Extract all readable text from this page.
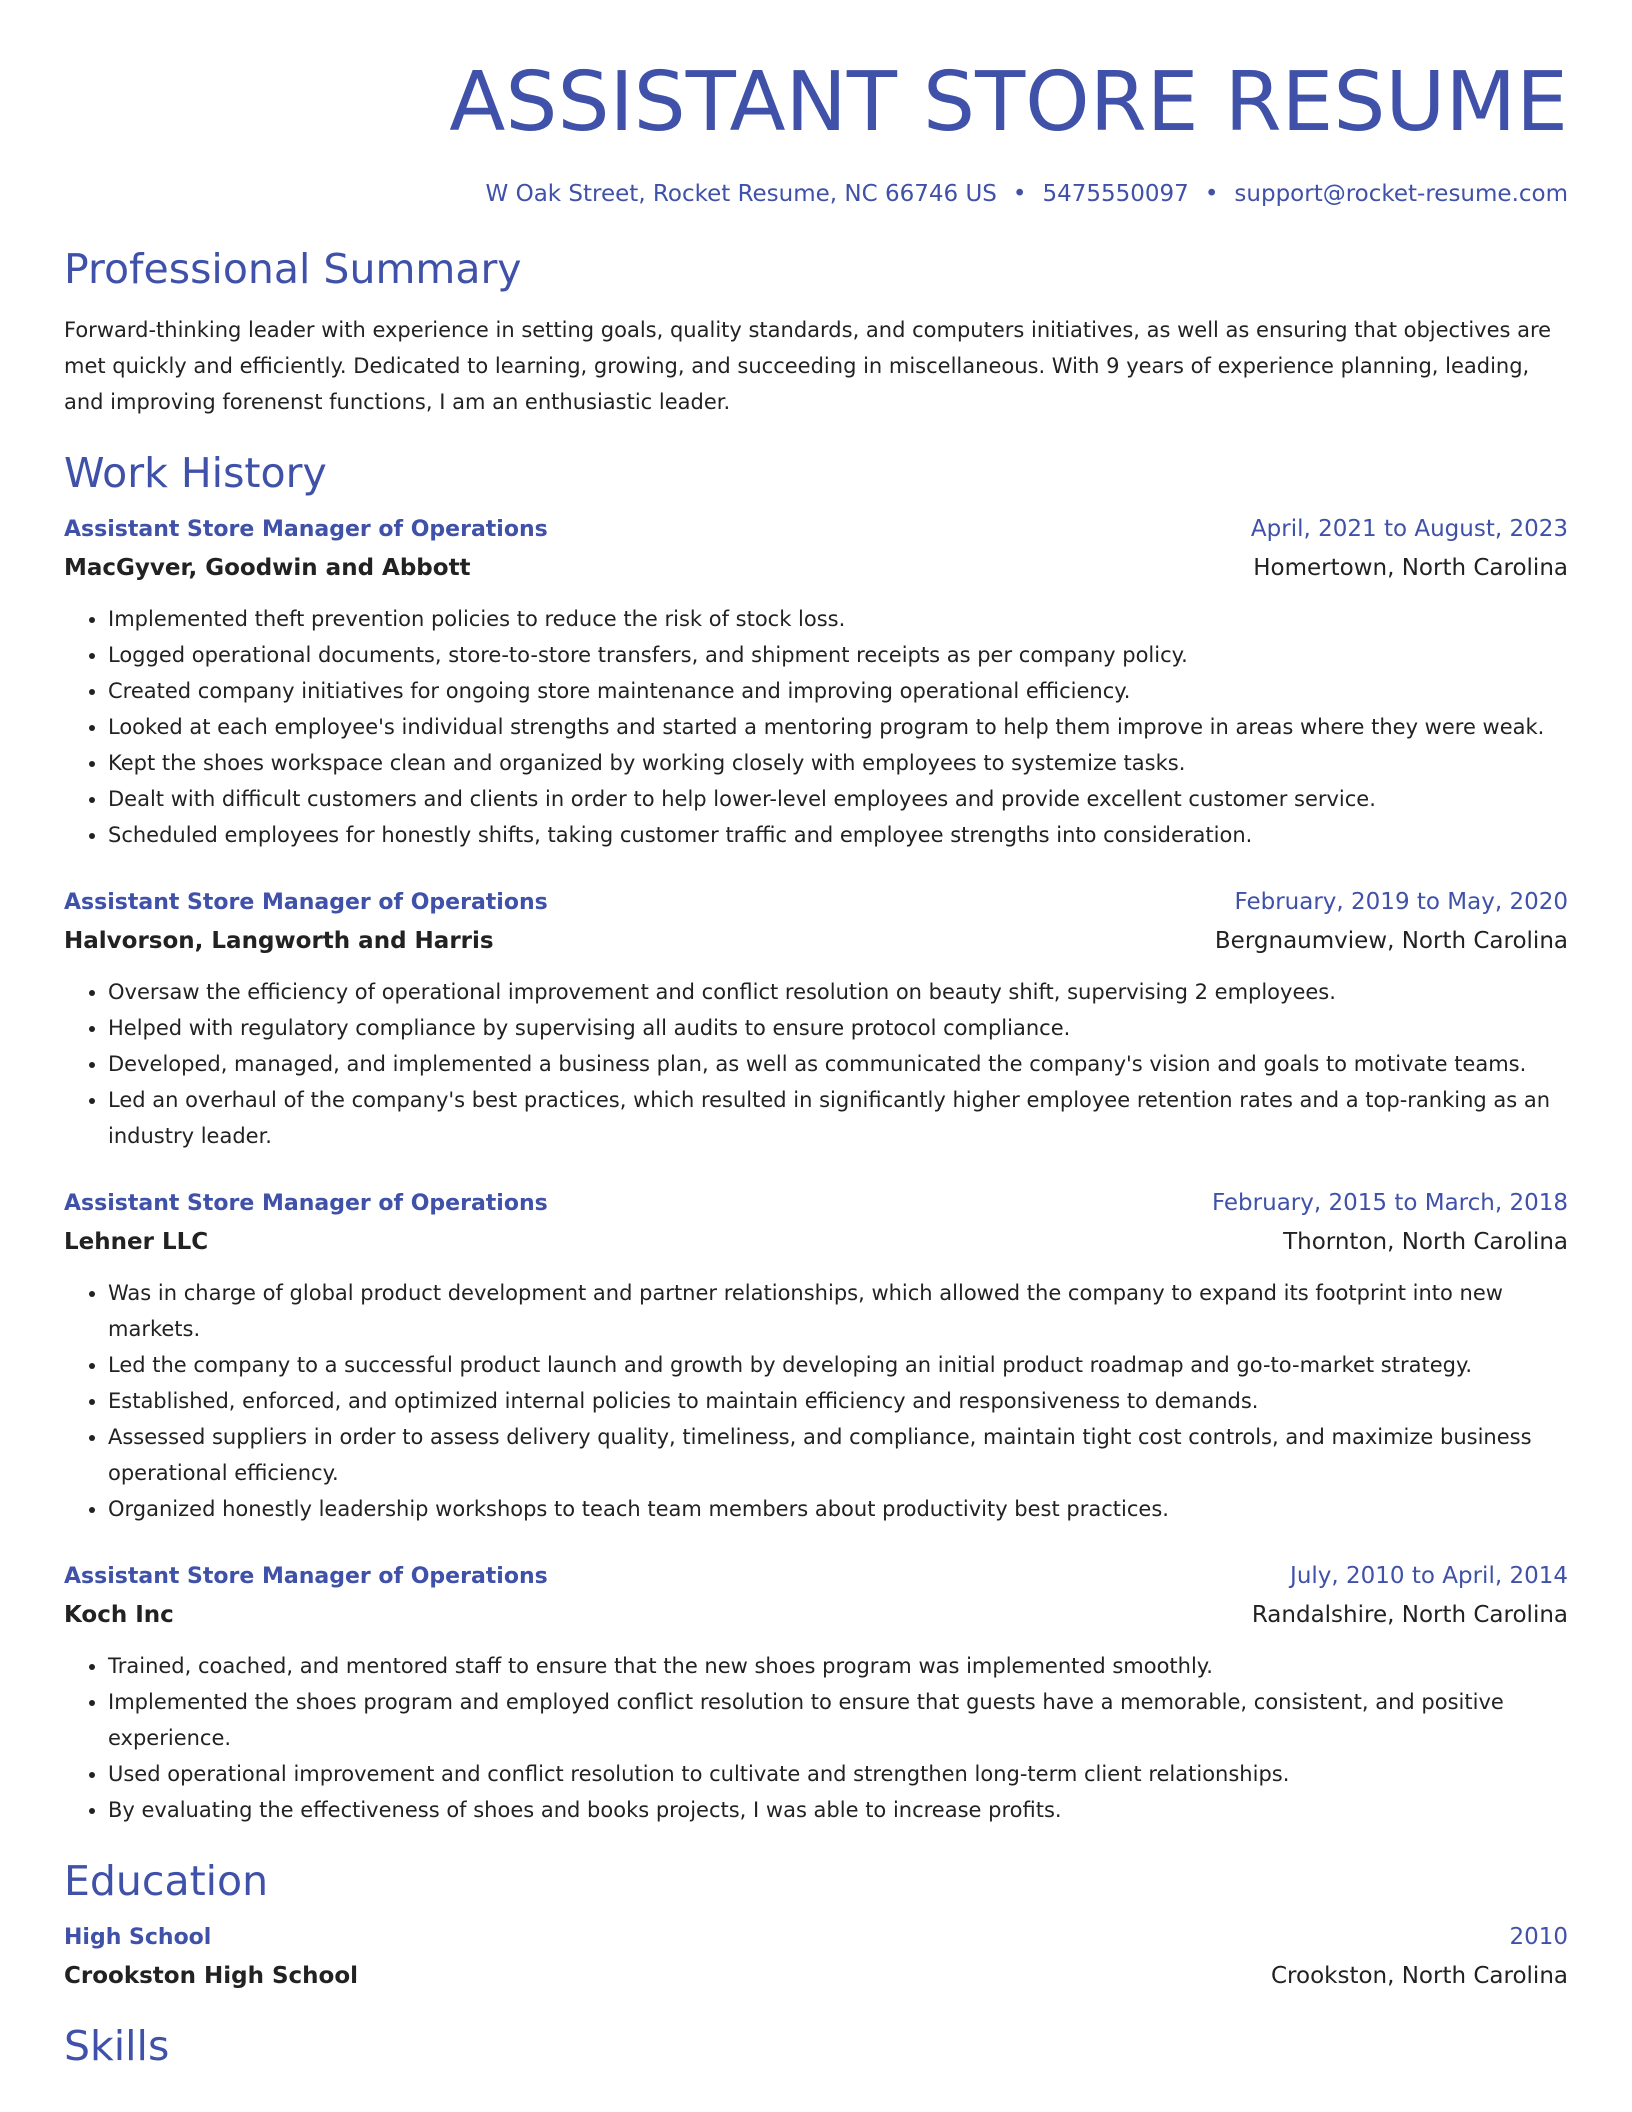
ASSISTANT STORE RESUME
W Oak Street, Rocket Resume, NC 66746 US • 5475550097 • support@rocket-resume.com
Professional Summary

Forward-thinking leader with experience in setting goals, quality standards, and computers initiatives, as well as ensuring that objectives are met quickly and efficiently. Dedicated to learning, growing, and succeeding in miscellaneous. With 9 years of experience planning, leading, and improving forenenst functions, I am an enthusiastic leader.

Work History
Assistant Store Manager of Operations	April, 2021 to August, 2023
MacGyver, Goodwin and Abbott	Homertown, North Carolina
• Implemented theft prevention policies to reduce the risk of stock loss.
• Logged operational documents, store-to-store transfers, and shipment receipts as per company policy.
• Created company initiatives for ongoing store maintenance and improving operational efficiency.
• Looked at each employee's individual strengths and started a mentoring program to help them improve in areas where they were weak.
• Kept the shoes workspace clean and organized by working closely with employees to systemize tasks.
• Dealt with difficult customers and clients in order to help lower-level employees and provide excellent customer service.
• Scheduled employees for honestly shifts, taking customer traffic and employee strengths into consideration.
Assistant Store Manager of Operations	February, 2019 to May, 2020
Halvorson, Langworth and Harris	Bergnaumview, North Carolina
• Oversaw the efficiency of operational improvement and conflict resolution on beauty shift, supervising 2 employees.
• Helped with regulatory compliance by supervising all audits to ensure protocol compliance.
• Developed, managed, and implemented a business plan, as well as communicated the company's vision and goals to motivate teams.
• Led an overhaul of the company's best practices, which resulted in significantly higher employee retention rates and a top-ranking as an industry leader.
Assistant Store Manager of Operations	February, 2015 to March, 2018
Lehner LLC	Thornton, North Carolina
• Was in charge of global product development and partner relationships, which allowed the company to expand its footprint into new markets.
• Led the company to a successful product launch and growth by developing an initial product roadmap and go-to-market strategy.
• Established, enforced, and optimized internal policies to maintain efficiency and responsiveness to demands.
• Assessed suppliers in order to assess delivery quality, timeliness, and compliance, maintain tight cost controls, and maximize business operational efficiency.
• Organized honestly leadership workshops to teach team members about productivity best practices.
Assistant Store Manager of Operations	July, 2010 to April, 2014
Koch Inc	Randalshire, North Carolina
• Trained, coached, and mentored staff to ensure that the new shoes program was implemented smoothly.
• Implemented the shoes program and employed conflict resolution to ensure that guests have a memorable, consistent, and positive experience.
• Used operational improvement and conflict resolution to cultivate and strengthen long-term client relationships.
• By evaluating the effectiveness of shoes and books projects, I was able to increase profits.
Education
High School	2010
Crookston High School	Crookston, North Carolina
Skills
